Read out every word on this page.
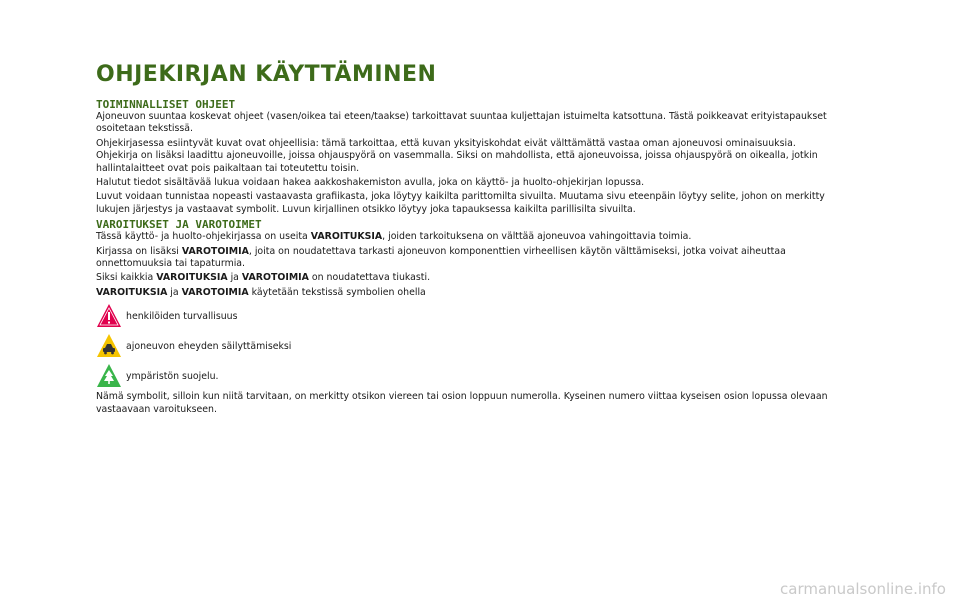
OHJEKIRJAN KÄYTTÄMINEN
TOIMINNALLISET OHJEET

Ajoneuvon suuntaa koskevat ohjeet (vasen/oikea tai eteen/taakse) tarkoittavat suuntaa kuljettajan istuimelta katsottuna. Tästä poikkeavat erityistapaukset osoitetaan tekstissä.

Ohjekirjasessa esiintyvät kuvat ovat ohjeellisia: tämä tarkoittaa, että kuvan yksityiskohdat eivät välttämättä vastaa oman ajoneuvosi ominaisuuksia. Ohjekirja on lisäksi laadittu ajoneuvoille, joissa ohjauspyörä on vasemmalla. Siksi on mahdollista, että ajoneuvoissa, joissa ohjauspyörä on oikealla, jotkin hallintalaitteet ovat pois paikaltaan tai toteutettu toisin.

Halutut tiedot sisältävää lukua voidaan hakea aakkoshakemiston avulla, joka on käyttö- ja huolto-ohjekirjan lopussa.

Luvut voidaan tunnistaa nopeasti vastaavasta grafiikasta, joka löytyy kaikilta parittomilta sivuilta. Muutama sivu eteenpäin löytyy selite, johon on merkitty lukujen järjestys ja vastaavat symbolit. Luvun kirjallinen otsikko löytyy joka tapauksessa kaikilta parillisilta sivuilta.

VAROITUKSET JA VAROTOIMET

Tässä käyttö- ja huolto-ohjekirjassa on useita VAROITUKSIA, joiden tarkoituksena on välttää ajoneuvoa vahingoittavia toimia.

Kirjassa on lisäksi VAROTOIMIA, joita on noudatettava tarkasti ajoneuvon komponenttien virheellisen käytön välttämiseksi, jotka voivat aiheuttaa onnettomuuksia tai tapaturmia.

Siksi kaikkia VAROITUKSIA ja VAROTOIMIA on noudatettava tiukasti.

VAROITUKSIA ja VAROTOIMIA käytetään tekstissä symbolien ohella

henkilöiden turvallisuus
ajoneuvon eheyden säilyttämiseksi
ympäristön suojelu.

Nämä symbolit, silloin kun niitä tarvitaan, on merkitty otsikon viereen tai osion loppuun numerolla. Kyseinen numero viittaa kyseisen osion lopussa olevaan vastaavaan varoitukseen.

carmanualsonline.info
